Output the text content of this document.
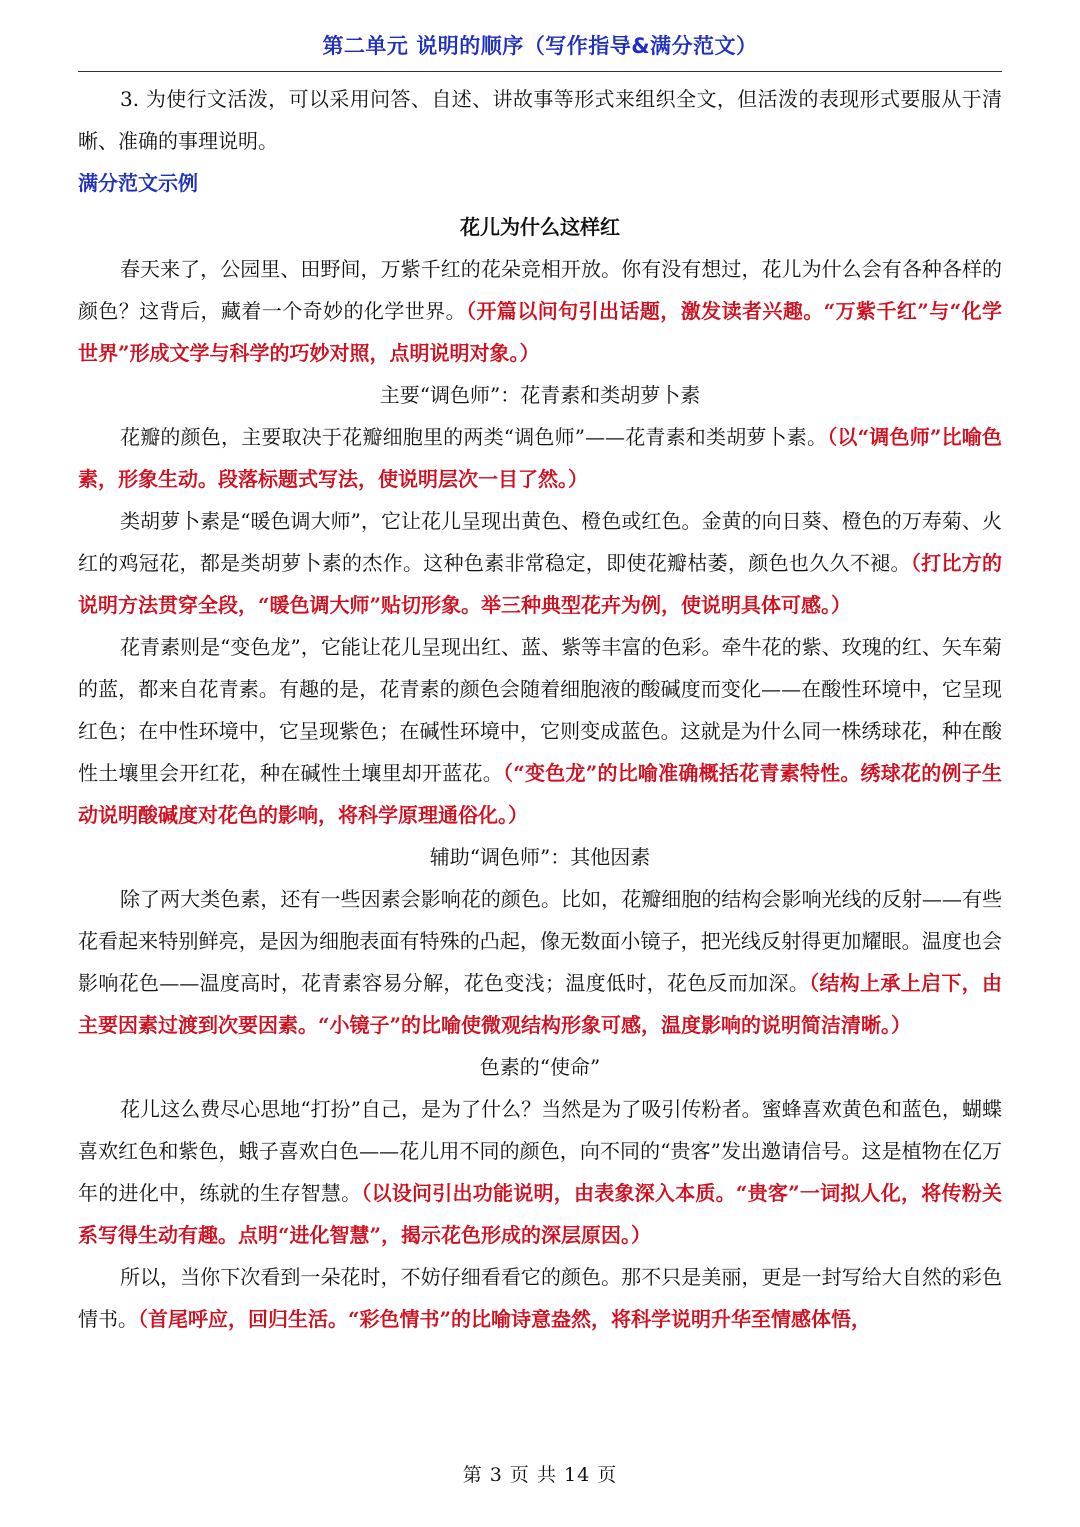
第二单元 说明的顺序（写作指导&满分范文）

3. 为使行文活泼，可以采用问答、自述、讲故事等形式来组织全文，但活泼的表现形式要服从于清晰、准确的事理说明。

满分范文示例
花儿为什么这样红

春天来了，公园里、田野间，万紫千红的花朵竞相开放。你有没有想过，花儿为什么会有各种各样的颜色？这背后，藏着一个奇妙的化学世界。（开篇以问句引出话题，激发读者兴趣。“万紫千红”与“化学世界”形成文学与科学的巧妙对照，点明说明对象。）

主要“调色师”：花青素和类胡萝卜素

花瓣的颜色，主要取决于花瓣细胞里的两类“调色师”——花青素和类胡萝卜素。（以“调色师”比喻色素，形象生动。段落标题式写法，使说明层次一目了然。）

类胡萝卜素是“暖色调大师”，它让花儿呈现出黄色、橙色或红色。金黄的向日葵、橙色的万寿菊、火红的鸡冠花，都是类胡萝卜素的杰作。这种色素非常稳定，即使花瓣枯萎，颜色也久久不褪。（打比方的说明方法贯穿全段，“暖色调大师”贴切形象。举三种典型花卉为例，使说明具体可感。）

花青素则是“变色龙”，它能让花儿呈现出红、蓝、紫等丰富的色彩。牵牛花的紫、玫瑰的红、矢车菊的蓝，都来自花青素。有趣的是，花青素的颜色会随着细胞液的酸碱度而变化——在酸性环境中，它呈现红色；在中性环境中，它呈现紫色；在碱性环境中，它则变成蓝色。这就是为什么同一株绣球花，种在酸性土壤里会开红花，种在碱性土壤里却开蓝花。（“变色龙”的比喻准确概括花青素特性。绣球花的例子生动说明酸碱度对花色的影响，将科学原理通俗化。）

辅助“调色师”：其他因素

除了两大类色素，还有一些因素会影响花的颜色。比如，花瓣细胞的结构会影响光线的反射——有些花看起来特别鲜亮，是因为细胞表面有特殊的凸起，像无数面小镜子，把光线反射得更加耀眼。温度也会影响花色——温度高时，花青素容易分解，花色变浅；温度低时，花色反而加深。（结构上承上启下，由主要因素过渡到次要因素。“小镜子”的比喻使微观结构形象可感，温度影响的说明简洁清晰。）

色素的“使命”

花儿这么费尽心思地“打扮”自己，是为了什么？当然是为了吸引传粉者。蜜蜂喜欢黄色和蓝色，蝴蝶喜欢红色和紫色，蛾子喜欢白色——花儿用不同的颜色，向不同的“贵客”发出邀请信号。这是植物在亿万年的进化中，练就的生存智慧。（以设问引出功能说明，由表象深入本质。“贵客”一词拟人化，将传粉关系写得生动有趣。点明“进化智慧”，揭示花色形成的深层原因。）

所以，当你下次看到一朵花时，不妨仔细看看它的颜色。那不只是美丽，更是一封写给大自然的彩色情书。（首尾呼应，回归生活。“彩色情书”的比喻诗意盎然，将科学说明升华至情感体悟，

第 3 页 共 14 页
